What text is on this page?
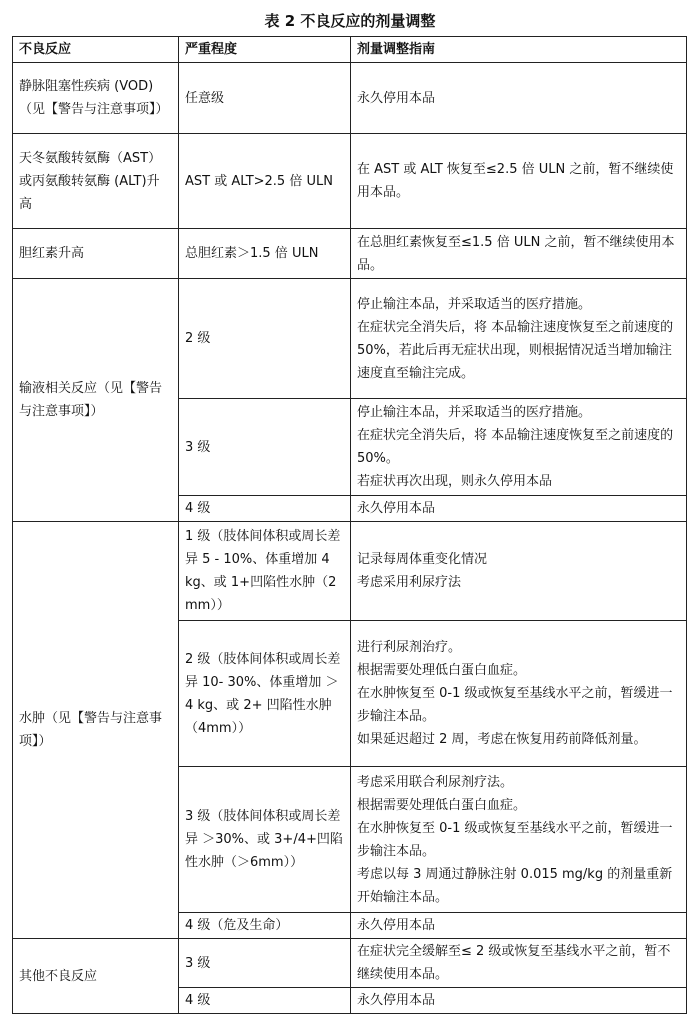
表 2 不良反应的剂量调整
不良反应	严重程度	剂量调整指南
静脉阻塞性疾病 (VOD)（见【警告与注意事项】）	任意级	永久停用本品
天冬氨酸转氨酶（AST）或丙氨酸转氨酶 (ALT)升高	AST 或 ALT>2.5 倍 ULN	在 AST 或 ALT 恢复至≤2.5 倍 ULN 之前，暂不继续使用本品。
胆红素升高	总胆红素＞1.5 倍 ULN	在总胆红素恢复至≤1.5 倍 ULN 之前，暂不继续使用本品。
输液相关反应（见【警告与注意事项】）	2 级	停止输注本品，并采取适当的医疗措施。

在症状完全消失后，将 本品输注速度恢复至之前速度的 50%，若此后再无症状出现，则根据情况适当增加输注速度直至输注完成。

	3 级	停止输注本品，并采取适当的医疗措施。

在症状完全消失后，将 本品输注速度恢复至之前速度的 50%。

若症状再次出现，则永久停用本品

	4 级	永久停用本品
水肿（见【警告与注意事项】）	1 级（肢体间体积或周长差异 5 - 10%、体重增加 4 kg、或 1+凹陷性水肿（2 mm））	记录每周体重变化情况

考虑采用利尿疗法

	2 级（肢体间体积或周长差异 10- 30%、体重增加 ＞4 kg、或 2+ 凹陷性水肿（4mm））	进行利尿剂治疗。

根据需要处理低白蛋白血症。

在水肿恢复至 0-1 级或恢复至基线水平之前，暂缓进一步输注本品。

如果延迟超过 2 周，考虑在恢复用药前降低剂量。

	3 级（肢体间体积或周长差异 ＞30%、或 3+/4+凹陷性水肿（＞6mm））	考虑采用联合利尿剂疗法。

根据需要处理低白蛋白血症。

在水肿恢复至 0-1 级或恢复至基线水平之前，暂缓进一步输注本品。

考虑以每 3 周通过静脉注射 0.015 mg/kg 的剂量重新开始输注本品。

	4 级（危及生命）	永久停用本品
其他不良反应	3 级	在症状完全缓解至≤ 2 级或恢复至基线水平之前，暂不继续使用本品。
	4 级	永久停用本品
